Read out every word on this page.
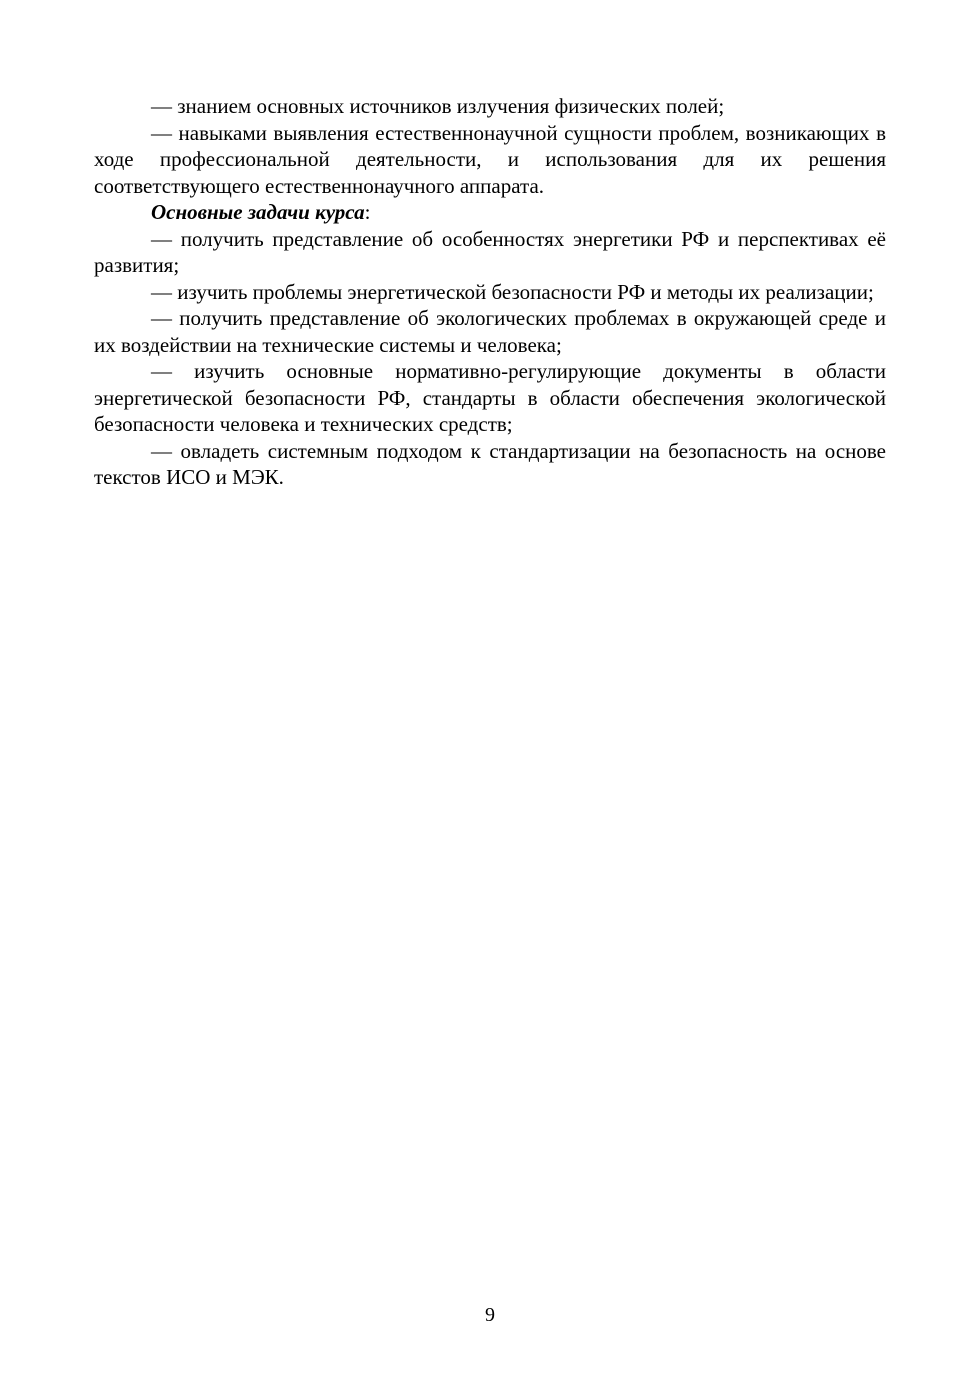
— знанием основных источников излучения физических полей;

— навыками выявления естественнонаучной сущности проблем, возникающих в ходе профессиональной деятельности, и использования для их решения соответствующего естественнонаучного аппарата.

Основные задачи курса:

— получить представление об особенностях энергетики РФ и перспективах её развития;

— изучить проблемы энергетической безопасности РФ и методы их реализации;

— получить представление об экологических проблемах в окружающей среде и их воздействии на технические системы и человека;

— изучить основные нормативно-регулирующие документы в области энергетической безопасности РФ, стандарты в области обеспечения экологической безопасности человека и технических средств;

— овладеть системным подходом к стандартизации на безопасность на основе текстов ИСО и МЭК.

9
